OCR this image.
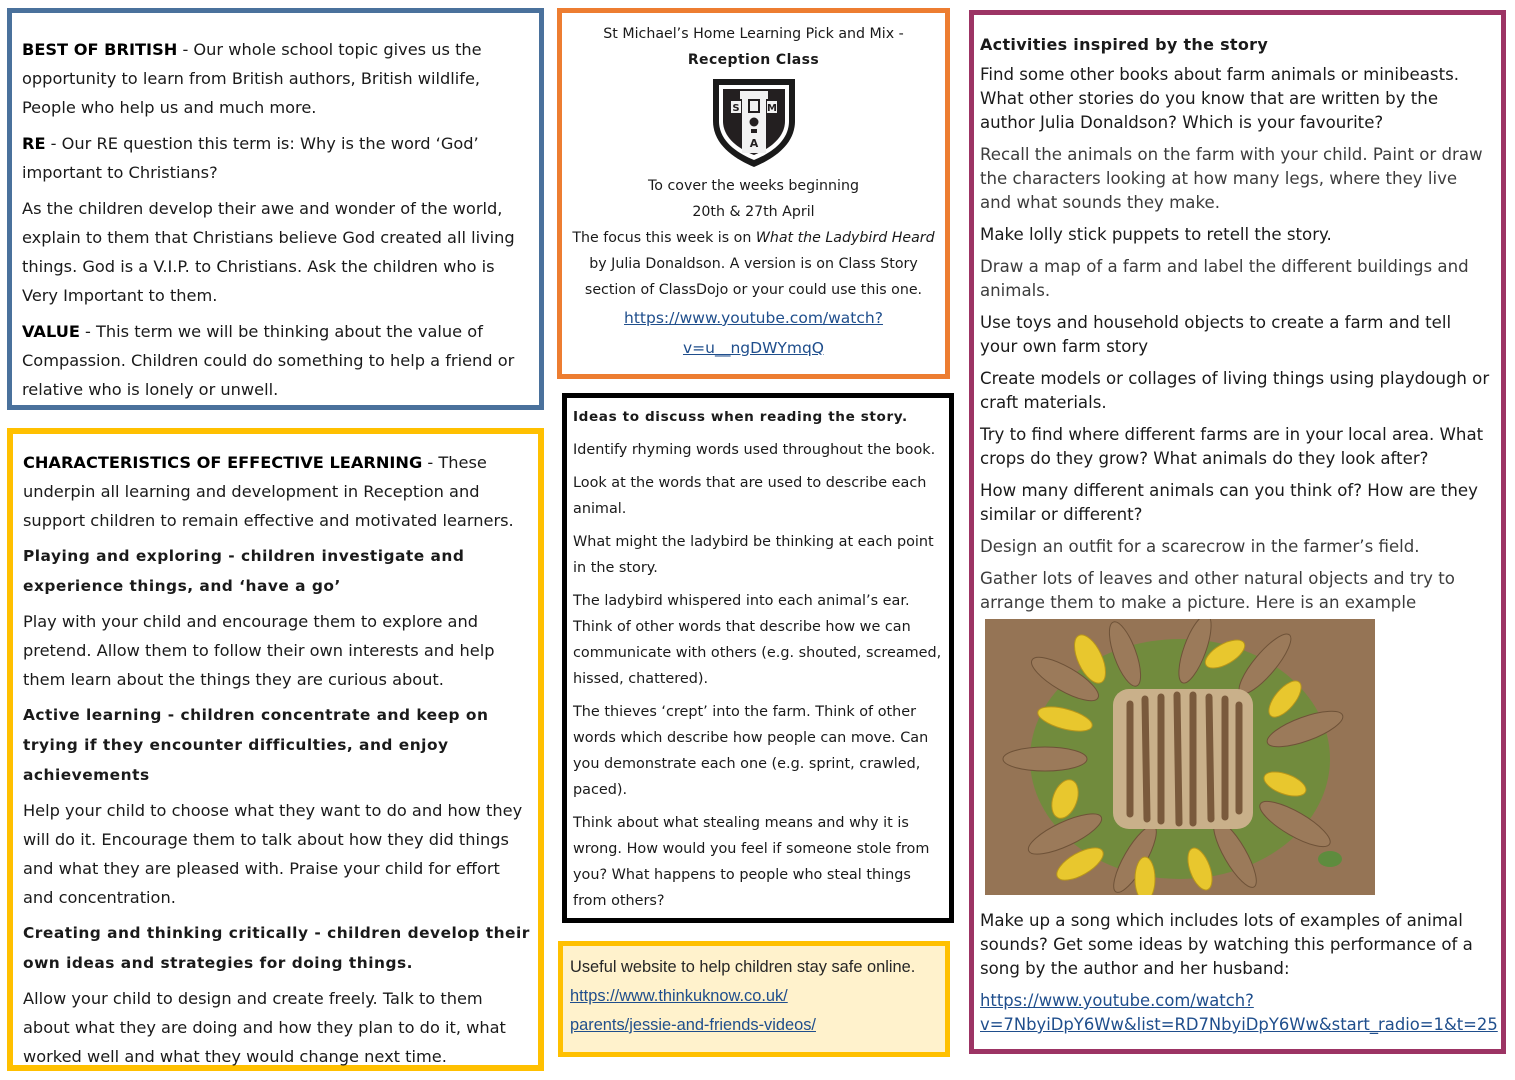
BEST OF BRITISH - Our whole school topic gives us the opportunity to learn from British authors, British wildlife, People who help us and much more.

RE - Our RE question this term is: Why is the word ‘God’ important to Christians?

As the children develop their awe and wonder of the world, explain to them that Christians believe God created all living things. God is a V.I.P. to Christians. Ask the children who is Very Important to them.

VALUE - This term we will be thinking about the value of Compassion. Children could do something to help a friend or relative who is lonely or unwell.

St Michael’s Home Learning Pick and Mix -
Reception Class
S	M
A
To cover the weeks beginning
20th & 27th April
The focus this week is on What the Ladybird Heard by Julia Donaldson. A version is on Class Story section of ClassDojo or your could use this one.
https://www.youtube.com/watch?
v=u__ngDWYmqQ

Activities inspired by the story

Find some other books about farm animals or minibeasts. What other stories do you know that are written by the author Julia Donaldson? Which is your favourite?

Recall the animals on the farm with your child. Paint or draw the characters looking at how many legs, where they live and what sounds they make.

Make lolly stick puppets to retell the story.

Draw a map of a farm and label the different buildings and animals.

Use toys and household objects to create a farm and tell your own farm story

Create models or collages of living things using playdough or craft materials.

Try to find where different farms are in your local area. What crops do they grow? What animals do they look after?

How many different animals can you think of? How are they similar or different?

Design an outfit for a scarecrow in the farmer’s field.

Gather lots of leaves and other natural objects and try to arrange them to make a picture. Here is an example

Make up a song which includes lots of examples of animal sounds? Get some ideas by watching this performance of a song by the author and her husband:

https://www.youtube.com/watch?
v=7NbyiDpY6Ww&list=RD7NbyiDpY6Ww&start_radio=1&t=25

CHARACTERISTICS OF EFFECTIVE LEARNING - These underpin all learning and development in Reception and support children to remain effective and motivated learners.

Playing and exploring - children investigate and experience things, and ‘have a go’

Play with your child and encourage them to explore and pretend. Allow them to follow their own interests and help them learn about the things they are curious about.

Active learning - children concentrate and keep on trying if they encounter difficulties, and enjoy achievements

Help your child to choose what they want to do and how they will do it. Encourage them to talk about how they did things and what they are pleased with. Praise your child for effort and concentration.

Creating and thinking critically - children develop their own ideas and strategies for doing things.

Allow your child to design and create freely. Talk to them about what they are doing and how they plan to do it, what worked well and what they would change next time.

Ideas to discuss when reading the story.

Identify rhyming words used throughout the book.

Look at the words that are used to describe each animal.

What might the ladybird be thinking at each point in the story.

The ladybird whispered into each animal’s ear. Think of other words that describe how we can communicate with others (e.g. shouted, screamed, hissed, chattered).

The thieves ‘crept’ into the farm. Think of other words which describe how people can move. Can you demonstrate each one (e.g. sprint, crawled, paced).

Think about what stealing means and why it is wrong. How would you feel if someone stole from you? What happens to people who steal things from others?

Useful website to help children stay safe online. https://www.thinkuknow.co.uk/
parents/jessie-and-friends-videos/
